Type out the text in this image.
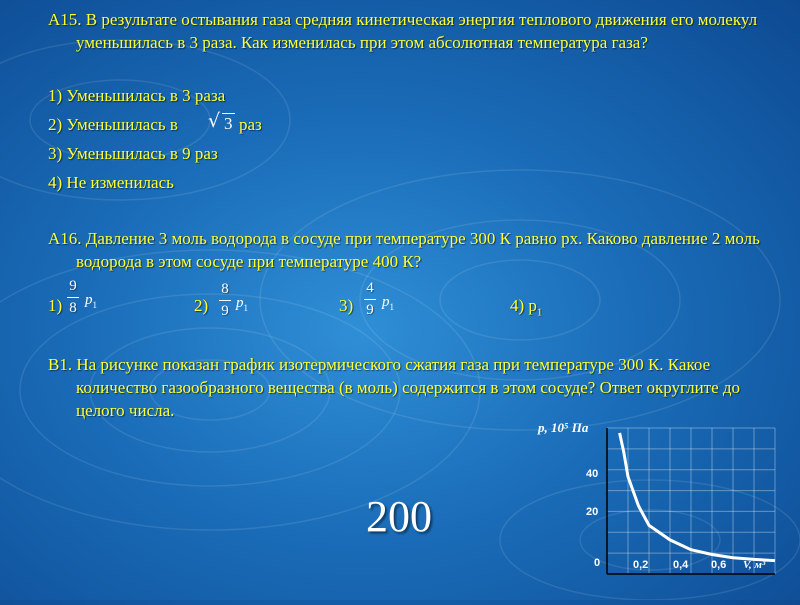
А15. В результате остывания газа средняя кинетическая энергия теплового движения его молекул уменьшилась в 3 раза. Как изменилась при этом абсолютная температура газа?
1) Уменьшилась в 3 раза
2) Уменьшилась в √ 3 раз
3) Уменьшилась в 9 раз
4) Не изменилась
А16. Давление 3 моль водорода в сосуде при температуре 300 К равно pх. Каково давление 2 моль водорода в этом сосуде при температуре 400 К?
1)
9
8 $p_1$	2)
8
9 $p_1$	3)
4
9 $p_1$	4) $p_1$
В1. На рисунке показан график изотермического сжатия газа при температуре 300 К. Какое количество газообразного вещества (в моль) содержится в этом сосуде? Ответ округлите до целого числа.
200
p, 10⁵ Па
20
40
0	0,2 0,4 0,6 V, м³
